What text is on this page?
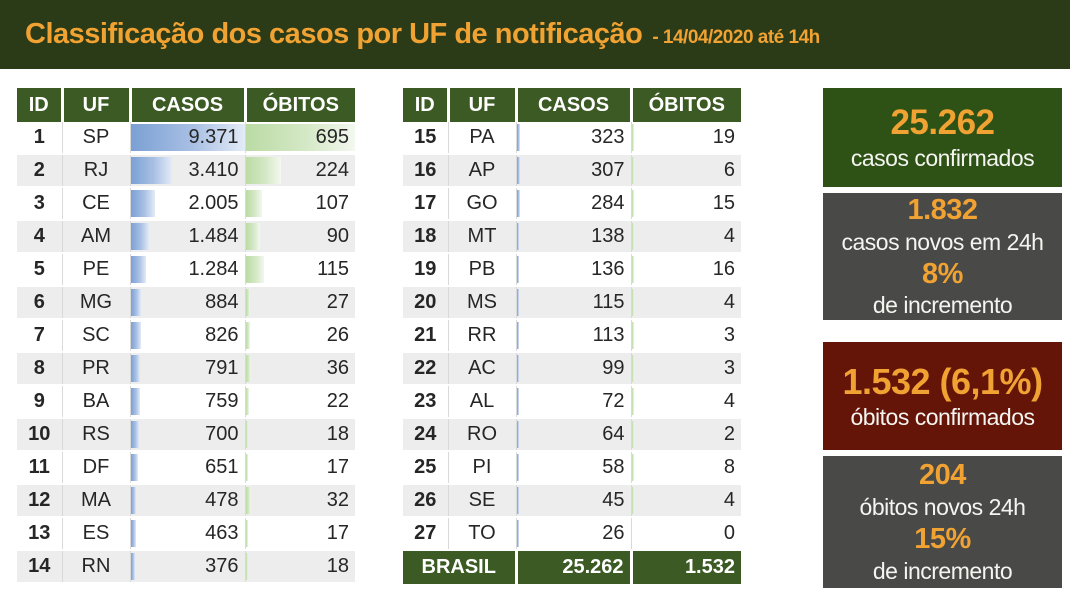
Classificação dos casos por UF de notificação - 14/04/2020 até 14h
ID	UF	CASOS	ÓBITOS
1	SP	9.371	695
2	RJ	3.410	224
3	CE	2.005	107
4	AM	1.484	90
5	PE	1.284	115
6	MG	884	27
7	SC	826	26
8	PR	791	36
9	BA	759	22
10	RS	700	18
11	DF	651	17
12	MA	478	32
13	ES	463	17
14	RN	376	18
ID	UF	CASOS	ÓBITOS
15	PA	323	19
16	AP	307	6
17	GO	284	15
18	MT	138	4
19	PB	136	16
20	MS	115	4
21	RR	113	3
22	AC	99	3
23	AL	72	4
24	RO	64	2
25	PI	58	8
26	SE	45	4
27	TO	26	0
BRASIL		25.262	1.532
25.262
casos confirmados
1.832
casos novos em 24h
8%
de incremento
1.532 (6,1%)
óbitos confirmados
204
óbitos novos 24h
15%
de incremento
